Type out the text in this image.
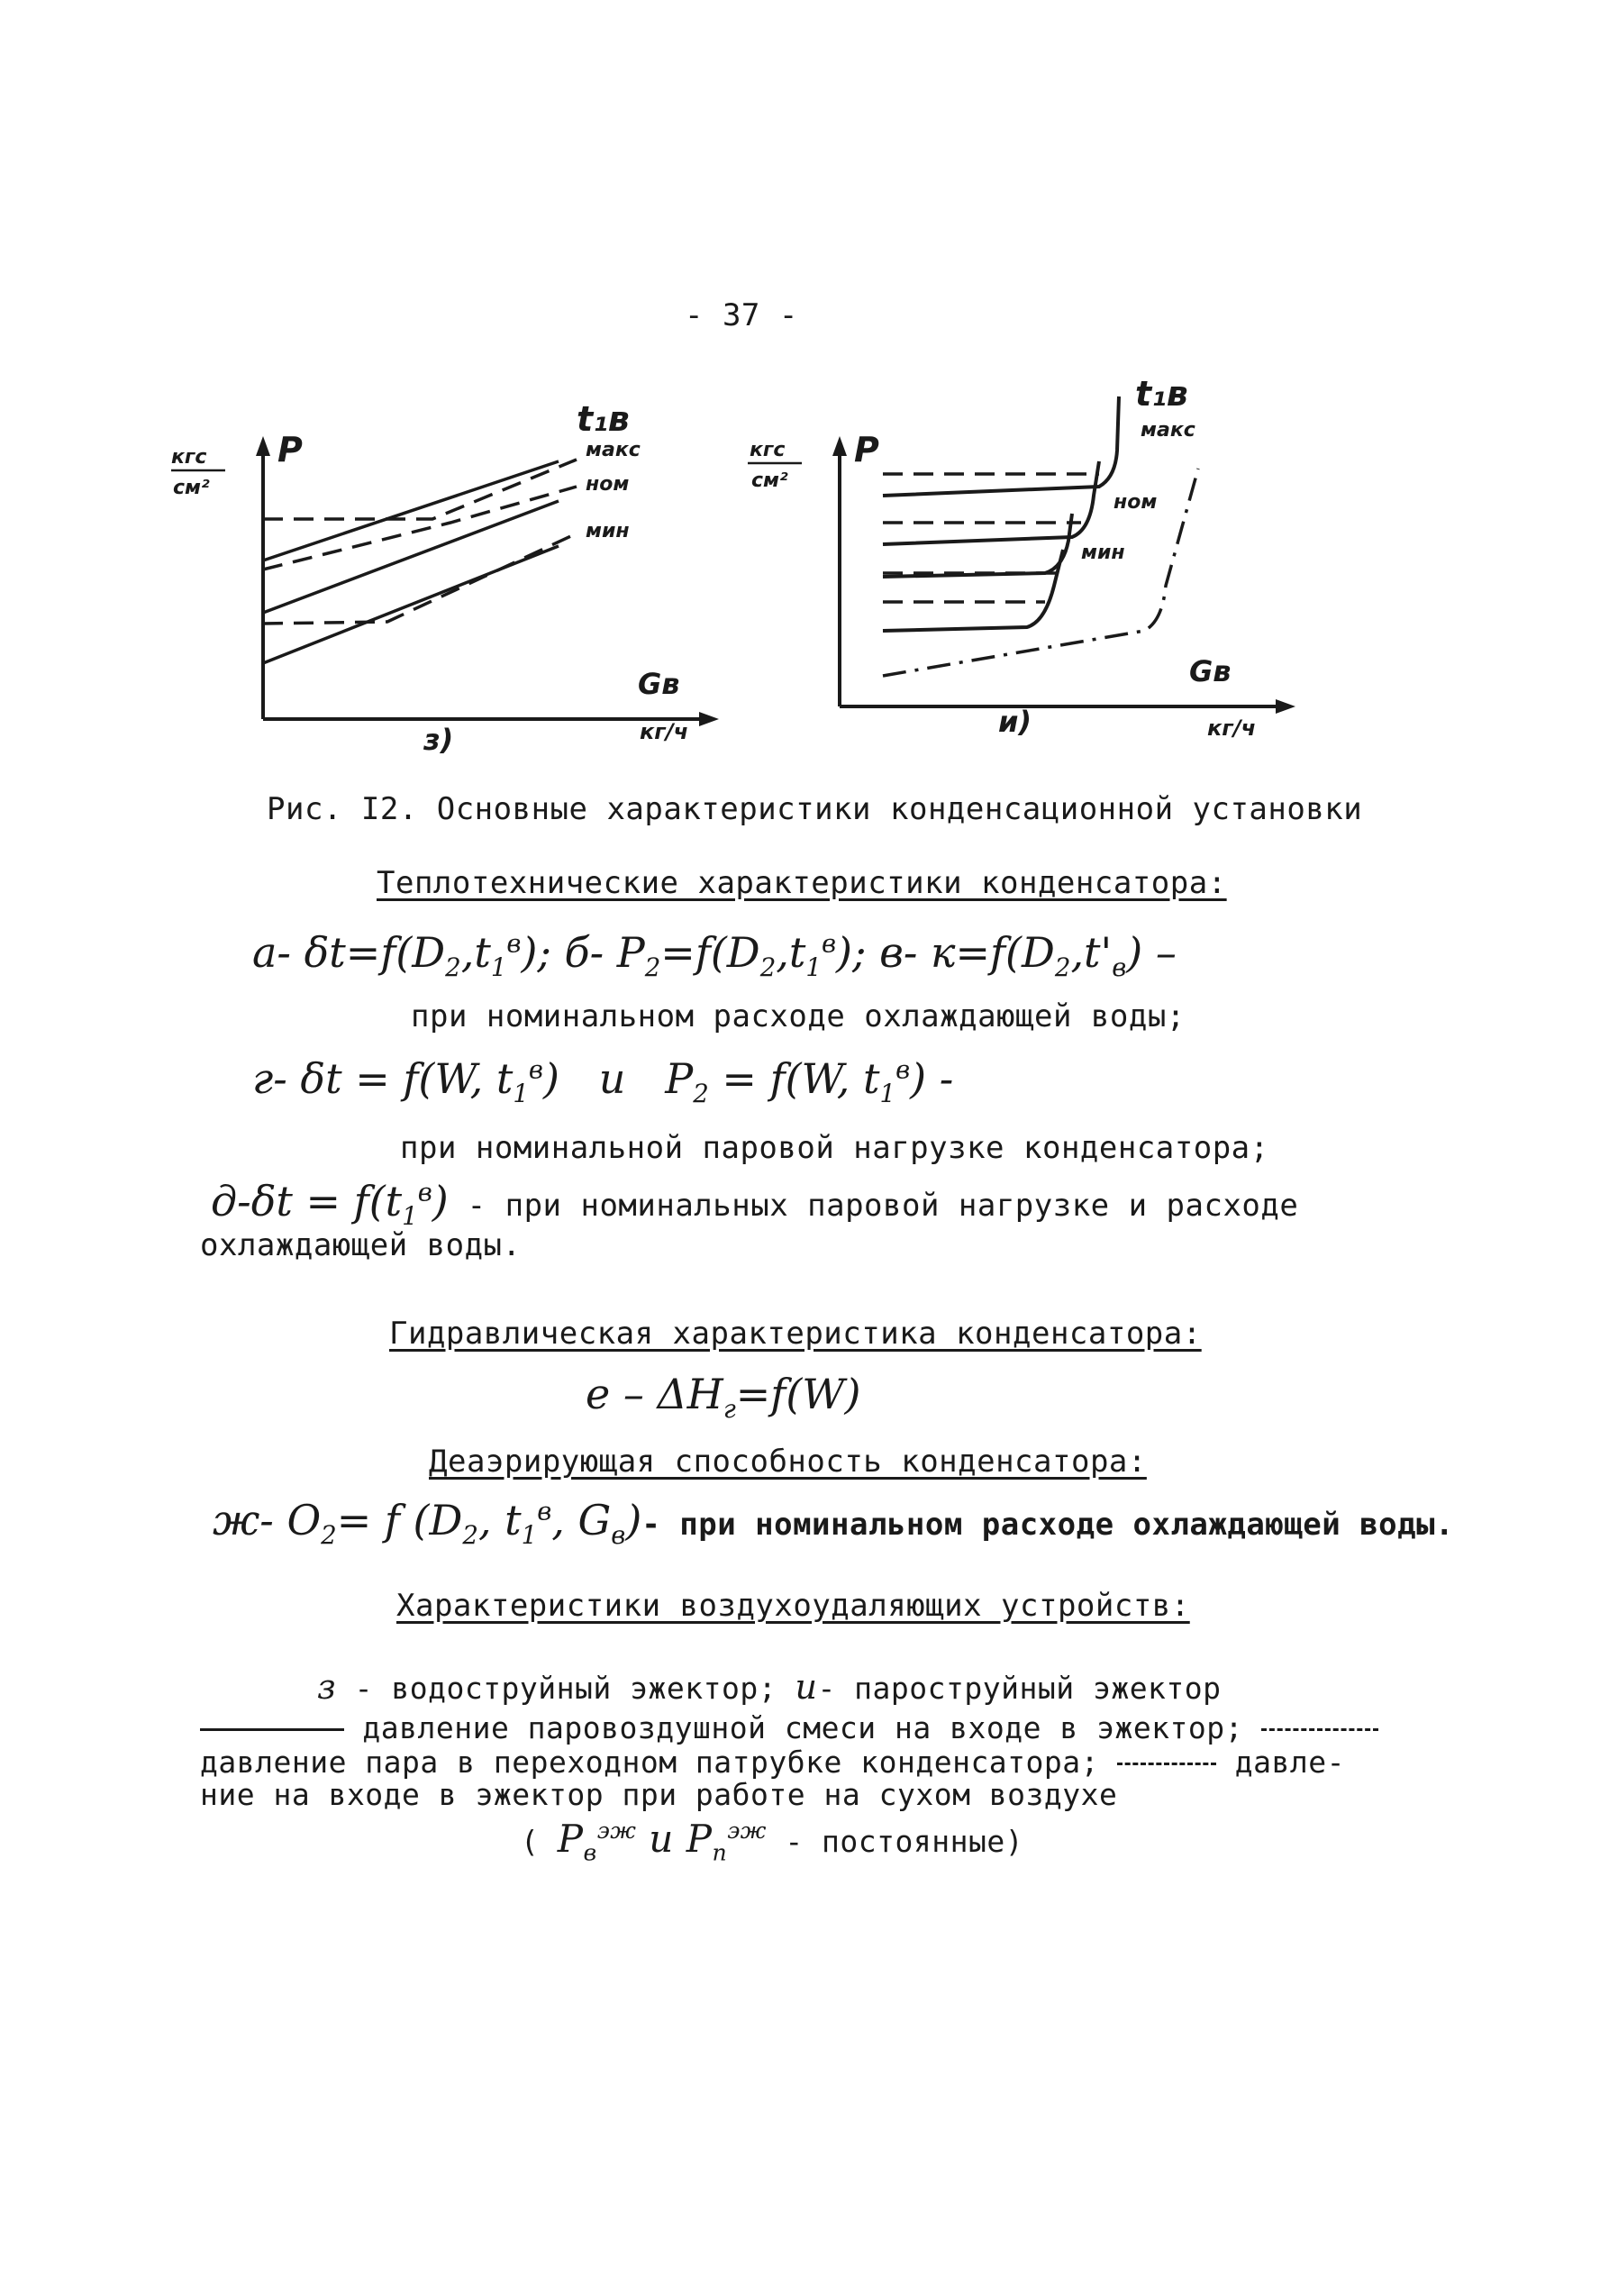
- 37 -
кгс
см²
P
t₁в
макс
ном
мин
Gв
кг/ч
з)
кгс
см²
P
t₁в
макс
ном
мин
Gв
кг/ч
и)
Рис. I2. Основные характеристики конденсационной установки
Теплотехнические характеристики конденсатора:
а- $\delta t=f(D_2,t_1^в)$; б- $P_2=f(D_2,t_1^в)$; в- $к=f(D_2,t'_в)$ –
при номинальном расходе охлаждающей воды;
г- δt = f(W, $t_1^в$)   и   $P_2 = f(W$, $t_1^в$) -
при номинальной паровой нагрузке конденсатора;
$д-\delta t = f(t_1^в)$ - при номинальных паровой нагрузке и расходе
охлаждающей воды.
Гидравлическая характеристика конденсатора:
$е - \Delta H_г=f(W)$
Деаэрирующая способность конденсатора:
ж- $O_2= f$ ($D_2$, $t_1^в$, $G_в)-$ при номинальном расходе охлаждающей воды.
Характеристики воздухоудаляющих устройств:
з - водоструйный эжектор; и- пароструйный эжектор
давление паровоздушной смеси на входе в эжектор;
давление пара в переходном патрубке конденсатора;	давле-
ние на входе в эжектор при работе на сухом воздухе
( $P_в^{эж}$ и $P_п^{эж}$ - постоянные)
